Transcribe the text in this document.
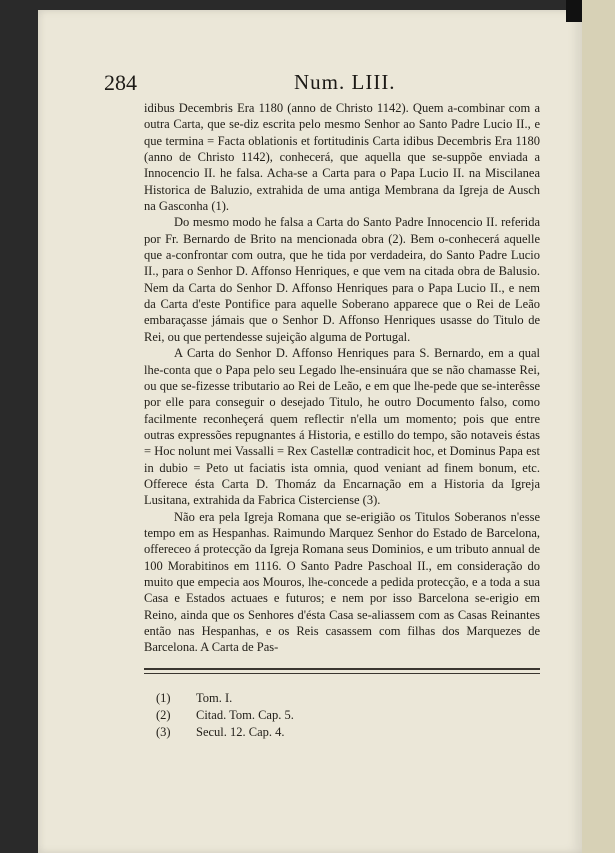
284	Num. LIII.

idibus Decembris Era 1180 (anno de Christo 1142). Quem a-combinar com a outra Carta, que se-diz escrita pelo mesmo Senhor ao Santo Padre Lucio II., e que termina = Facta oblationis et fortitudinis Carta idibus Decembris Era 1180 (anno de Christo 1142), conhecerá, que aquella que se-suppõe enviada a Innocencio II. he falsa. Acha-se a Carta para o Papa Lucio II. na Miscilanea Historica de Baluzio, extrahida de uma antiga Membrana da Igreja de Ausch na Gasconha (1).

Do mesmo modo he falsa a Carta do Santo Padre Innocencio II. referida por Fr. Bernardo de Brito na mencionada obra (2). Bem o-conhecerá aquelle que a-confrontar com outra, que he tida por verdadeira, do Santo Padre Lucio II., para o Senhor D. Affonso Henriques, e que vem na citada obra de Balusio. Nem da Carta do Senhor D. Affonso Henriques para o Papa Lucio II., e nem da Carta d'este Pontifice para aquelle Soberano apparece que o Rei de Leão embaraçasse jámais que o Senhor D. Affonso Henriques usasse do Titulo de Rei, ou que pertendesse sujeição alguma de Portugal.

A Carta do Senhor D. Affonso Henriques para S. Bernardo, em a qual lhe-conta que o Papa pelo seu Legado lhe-ensinuára que se não chamasse Rei, ou que se-fizesse tributario ao Rei de Leão, e em que lhe-pede que se-interêsse por elle para conseguir o desejado Titulo, he outro Documento falso, como facilmente reconheçerá quem reflectir n'ella um momento; pois que entre outras expressões repugnantes á Historia, e estillo do tempo, são notaveis éstas = Hoc nolunt mei Vassalli = Rex Castellæ contradicit hoc, et Dominus Papa est in dubio = Peto ut faciatis ista omnia, quod veniant ad finem bonum, etc. Offerece ésta Carta D. Thomáz da Encarnação em a Historia da Igreja Lusitana, extrahida da Fabrica Cisterciense (3).

Não era pela Igreja Romana que se-erigião os Titulos Soberanos n'esse tempo em as Hespanhas. Raimundo Marquez Senhor do Estado de Barcelona, offereceo á protecção da Igreja Romana seus Dominios, e um tributo annual de 100 Morabitinos em 1116. O Santo Padre Paschoal II., em consideração do muito que empecia aos Mouros, lhe-concede a pedida protecção, e a toda a sua Casa e Estados actuaes e futuros; e nem por isso Barcelona se-erigio em Reino, ainda que os Senhores d'ésta Casa se-aliassem com as Casas Reinantes então nas Hespanhas, e os Reis casassem com filhas dos Marquezes de Barcelona. A Carta de Pas-

(1) Tom. I.
(2) Citad. Tom. Cap. 5.
(3) Secul. 12. Cap. 4.
